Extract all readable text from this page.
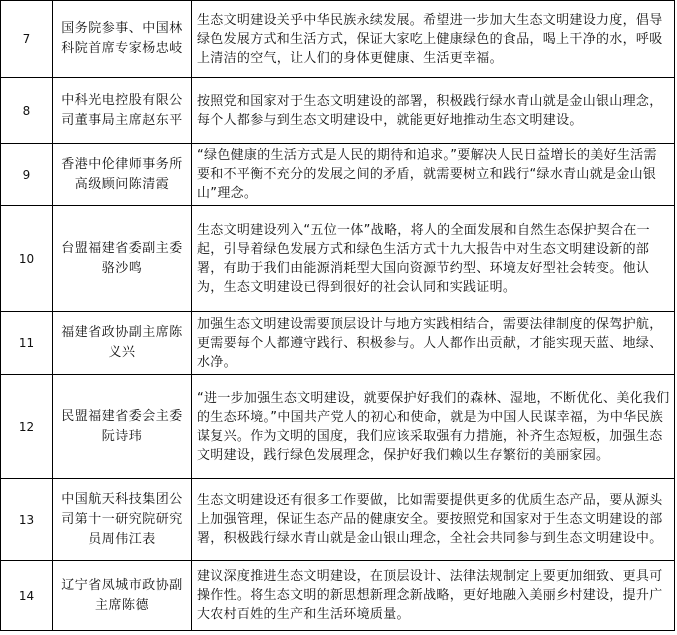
7	国务院参事、中国林科院首席专家杨忠岐	生态文明建设关乎中华民族永续发展。希望进一步加大生态文明建设力度，倡导绿色发展方式和生活方式，保证大家吃上健康绿色的食品，喝上干净的水，呼吸上清洁的空气，让人们的身体更健康、生活更幸福。
8	中科光电控股有限公司董事局主席赵东平	按照党和国家对于生态文明建设的部署，积极践行绿水青山就是金山银山理念，每个人都参与到生态文明建设中，就能更好地推动生态文明建设。
9	香港中伦律师事务所高级顾问陈清霞	“绿色健康的生活方式是人民的期待和追求。”要解决人民日益增长的美好生活需要和不平衡不充分的发展之间的矛盾，就需要树立和践行“绿水青山就是金山银山”理念。
10	台盟福建省委副主委骆沙鸣	生态文明建设列入“五位一体”战略，将人的全面发展和自然生态保护契合在一起，引导着绿色发展方式和绿色生活方式十九大报告中对生态文明建设新的部署，有助于我们由能源消耗型大国向资源节约型、环境友好型社会转变。他认为，生态文明建设已得到很好的社会认同和实践证明。
11	福建省政协副主席陈义兴	加强生态文明建设需要顶层设计与地方实践相结合，需要法律制度的保驾护航，更需要每个人都遵守践行、积极参与。人人都作出贡献，才能实现天蓝、地绿、水净。
12	民盟福建省委会主委阮诗玮	“进一步加强生态文明建设，就要保护好我们的森林、湿地，不断优化、美化我们的生态环境。”中国共产党人的初心和使命，就是为中国人民谋幸福，为中华民族谋复兴。作为文明的国度，我们应该采取强有力措施，补齐生态短板，加强生态文明建设，践行绿色发展理念，保护好我们赖以生存繁衍的美丽家园。
13	中国航天科技集团公司第十一研究院研究员周伟江表	生态文明建设还有很多工作要做，比如需要提供更多的优质生态产品，要从源头上加强管理，保证生态产品的健康安全。要按照党和国家对于生态文明建设的部署，积极践行绿水青山就是金山银山理念，全社会共同参与到生态文明建设中。
14	辽宁省凤城市政协副主席陈德	建议深度推进生态文明建设，在顶层设计、法律法规制定上要更加细致、更具可操作性。将生态文明的新思想新理念新战略，更好地融入美丽乡村建设，提升广大农村百姓的生产和生活环境质量。
